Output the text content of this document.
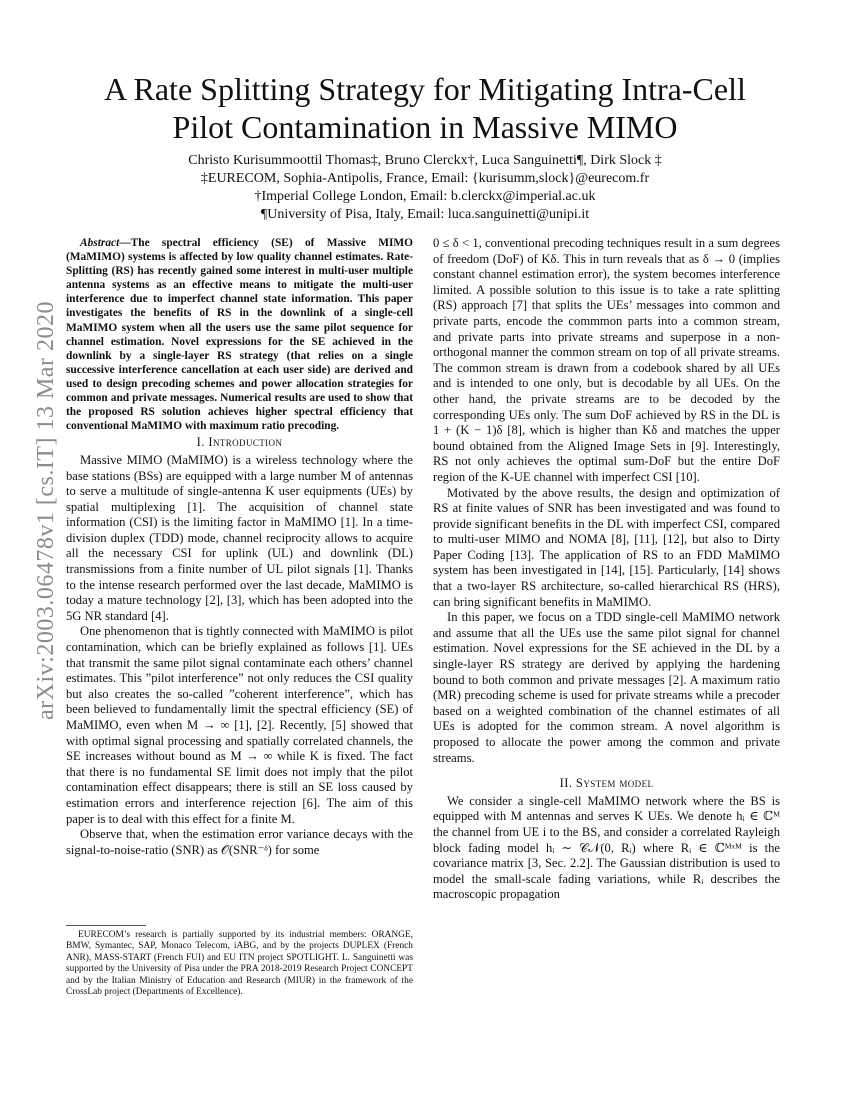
arXiv:2003.06478v1 [cs.IT] 13 Mar 2020
A Rate Splitting Strategy for Mitigating Intra-Cell
Pilot Contamination in Massive MIMO
Christo Kurisummoottil Thomas‡, Bruno Clerckx†, Luca Sanguinetti¶, Dirk Slock ‡
‡EURECOM, Sophia-Antipolis, France, Email: {kurisumm,slock}@eurecom.fr
†Imperial College London, Email: b.clerckx@imperial.ac.uk
¶University of Pisa, Italy, Email: luca.sanguinetti@unipi.it

Abstract—The spectral efficiency (SE) of Massive MIMO (MaMIMO) systems is affected by low quality channel estimates. Rate-Splitting (RS) has recently gained some interest in multi-user multiple antenna systems as an effective means to mitigate the multi-user interference due to imperfect channel state information. This paper investigates the benefits of RS in the downlink of a single-cell MaMIMO system when all the users use the same pilot sequence for channel estimation. Novel expressions for the SE achieved in the downlink by a single-layer RS strategy (that relies on a single successive interference cancellation at each user side) are derived and used to design precoding schemes and power allocation strategies for common and private messages. Numerical results are used to show that the proposed RS solution achieves higher spectral efficiency that conventional MaMIMO with maximum ratio precoding.

I. Introduction

Massive MIMO (MaMIMO) is a wireless technology where the base stations (BSs) are equipped with a large number M of antennas to serve a multitude of single-antenna K user equipments (UEs) by spatial multiplexing [1]. The acquisition of channel state information (CSI) is the limiting factor in MaMIMO [1]. In a time-division duplex (TDD) mode, channel reciprocity allows to acquire all the necessary CSI for uplink (UL) and downlink (DL) transmissions from a finite number of UL pilot signals [1]. Thanks to the intense research performed over the last decade, MaMIMO is today a mature technology [2], [3], which has been adopted into the 5G NR standard [4].

One phenomenon that is tightly connected with MaMIMO is pilot contamination, which can be briefly explained as follows [1]. UEs that transmit the same pilot signal contaminate each others’ channel estimates. This ”pilot interference” not only reduces the CSI quality but also creates the so-called ”coherent interference”, which has been believed to fundamentally limit the spectral efficiency (SE) of MaMIMO, even when M → ∞ [1], [2]. Recently, [5] showed that with optimal signal processing and spatially correlated channels, the SE increases without bound as M → ∞ while K is fixed. The fact that there is no fundamental SE limit does not imply that the pilot contamination effect disappears; there is still an SE loss caused by estimation errors and interference rejection [6]. The aim of this paper is to deal with this effect for a finite M.

Observe that, when the estimation error variance decays with the signal-to-noise-ratio (SNR) as 𝒪(SNR⁻ᵟ) for some

EURECOM’s research is partially supported by its industrial members: ORANGE, BMW, Symantec, SAP, Monaco Telecom, iABG, and by the projects DUPLEX (French ANR), MASS-START (French FUI) and EU ITN project SPOTLIGHT. L. Sanguinetti was supported by the University of Pisa under the PRA 2018-2019 Research Project CONCEPT and by the Italian Ministry of Education and Research (MIUR) in the framework of the CrossLab project (Departments of Excellence).

0 ≤ δ < 1, conventional precoding techniques result in a sum degrees of freedom (DoF) of Kδ. This in turn reveals that as δ → 0 (implies constant channel estimation error), the system becomes interference limited. A possible solution to this issue is to take a rate splitting (RS) approach [7] that splits the UEs’ messages into common and private parts, encode the commmon parts into a common stream, and private parts into private streams and superpose in a non-orthogonal manner the common stream on top of all private streams. The common stream is drawn from a codebook shared by all UEs and is intended to one only, but is decodable by all UEs. On the other hand, the private streams are to be decoded by the corresponding UEs only. The sum DoF achieved by RS in the DL is 1 + (K − 1)δ [8], which is higher than Kδ and matches the upper bound obtained from the Aligned Image Sets in [9]. Interestingly, RS not only achieves the optimal sum-DoF but the entire DoF region of the K-UE channel with imperfect CSI [10].

Motivated by the above results, the design and optimization of RS at finite values of SNR has been investigated and was found to provide significant benefits in the DL with imperfect CSI, compared to multi-user MIMO and NOMA [8], [11], [12], but also to Dirty Paper Coding [13]. The application of RS to an FDD MaMIMO system has been investigated in [14], [15]. Particularly, [14] shows that a two-layer RS architecture, so-called hierarchical RS (HRS), can bring significant benefits in MaMIMO.

In this paper, we focus on a TDD single-cell MaMIMO network and assume that all the UEs use the same pilot signal for channel estimation. Novel expressions for the SE achieved in the DL by a single-layer RS strategy are derived by applying the hardening bound to both common and private messages [2]. A maximum ratio (MR) precoding scheme is used for private streams while a precoder based on a weighted combination of the channel estimates of all UEs is adopted for the common stream. A novel algorithm is proposed to allocate the power among the common and private streams.

II. System model

We consider a single-cell MaMIMO network where the BS is equipped with M antennas and serves K UEs. We denote hᵢ ∈ ℂᴹ the channel from UE i to the BS, and consider a correlated Rayleigh block fading model hᵢ ∼ 𝒞𝒩(0, Rᵢ) where Rᵢ ∈ ℂᴹˣᴹ is the covariance matrix [3, Sec. 2.2]. The Gaussian distribution is used to model the small-scale fading variations, while Rᵢ describes the macroscopic propagation
